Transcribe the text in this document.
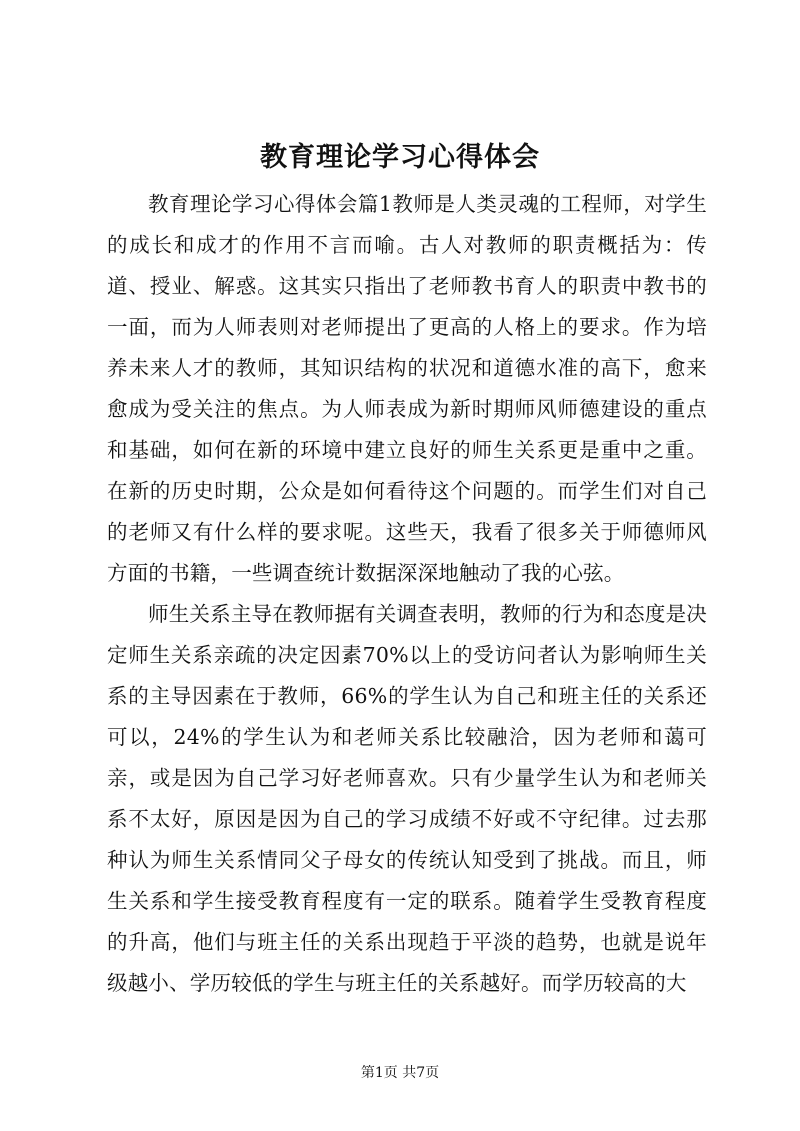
教育理论学习心得体会

教育理论学习心得体会篇1教师是人类灵魂的工程师，对学生的成长和成才的作用不言而喻。古人对教师的职责概括为：传道、授业、解惑。这其实只指出了老师教书育人的职责中教书的一面，而为人师表则对老师提出了更高的人格上的要求。作为培养未来人才的教师，其知识结构的状况和道德水准的高下，愈来愈成为受关注的焦点。为人师表成为新时期师风师德建设的重点和基础，如何在新的环境中建立良好的师生关系更是重中之重。在新的历史时期，公众是如何看待这个问题的。而学生们对自己的老师又有什么样的要求呢。这些天，我看了很多关于师德师风方面的书籍，一些调查统计数据深深地触动了我的心弦。

师生关系主导在教师据有关调查表明，教师的行为和态度是决定师生关系亲疏的决定因素70%以上的受访问者认为影响师生关系的主导因素在于教师，66%的学生认为自己和班主任的关系还可以，24%的学生认为和老师关系比较融洽，因为老师和蔼可亲，或是因为自己学习好老师喜欢。只有少量学生认为和老师关系不太好，原因是因为自己的学习成绩不好或不守纪律。过去那种认为师生关系情同父子母女的传统认知受到了挑战。而且，师生关系和学生接受教育程度有一定的联系。随着学生受教育程度的升高，他们与班主任的关系出现趋于平淡的趋势，也就是说年级越小、学历较低的学生与班主任的关系越好。而学历较高的大

第1页 共7页
